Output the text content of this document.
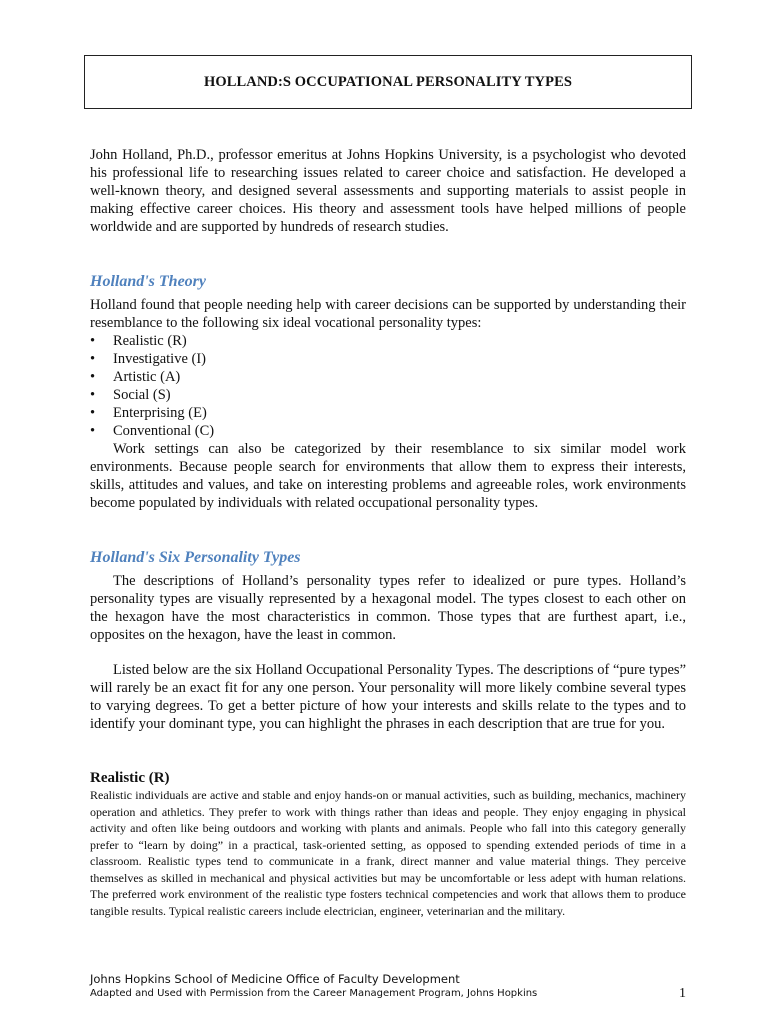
HOLLAND:S OCCUPATIONAL PERSONALITY TYPES

John Holland, Ph.D., professor emeritus at Johns Hopkins University, is a psychologist who devoted his professional life to researching issues related to career choice and satisfaction. He developed a well-known theory, and designed several assessments and supporting materials to assist people in making effective career choices. His theory and assessment tools have helped millions of people worldwide and are supported by hundreds of research studies.

Holland's Theory

Holland found that people needing help with career decisions can be supported by understanding their resemblance to the following six ideal vocational personality types:

• Realistic (R)
• Investigative (I)
• Artistic (A)
• Social (S)
• Enterprising (E)
• Conventional (C)

Work settings can also be categorized by their resemblance to six similar model work environments. Because people search for environments that allow them to express their interests, skills, attitudes and values, and take on interesting problems and agreeable roles, work environments become populated by individuals with related occupational personality types.

Holland's Six Personality Types

The descriptions of Holland’s personality types refer to idealized or pure types. Holland’s personality types are visually represented by a hexagonal model. The types closest to each other on the hexagon have the most characteristics in common. Those types that are furthest apart, i.e., opposites on the hexagon, have the least in common.

Listed below are the six Holland Occupational Personality Types. The descriptions of “pure types” will rarely be an exact fit for any one person. Your personality will more likely combine several types to varying degrees. To get a better picture of how your interests and skills relate to the types and to identify your dominant type, you can highlight the phrases in each description that are true for you.

Realistic (R)

Realistic individuals are active and stable and enjoy hands-on or manual activities, such as building, mechanics, machinery operation and athletics. They prefer to work with things rather than ideas and people. They enjoy engaging in physical activity and often like being outdoors and working with plants and animals. People who fall into this category generally prefer to “learn by doing” in a practical, task-oriented setting, as opposed to spending extended periods of time in a classroom. Realistic types tend to communicate in a frank, direct manner and value material things. They perceive themselves as skilled in mechanical and physical activities but may be uncomfortable or less adept with human relations. The preferred work environment of the realistic type fosters technical competencies and work that allows them to produce tangible results. Typical realistic careers include electrician, engineer, veterinarian and the military.

Johns Hopkins School of Medicine Office of Faculty Development
Adapted and Used with Permission from the Career Management Program, Johns Hopkins	1
